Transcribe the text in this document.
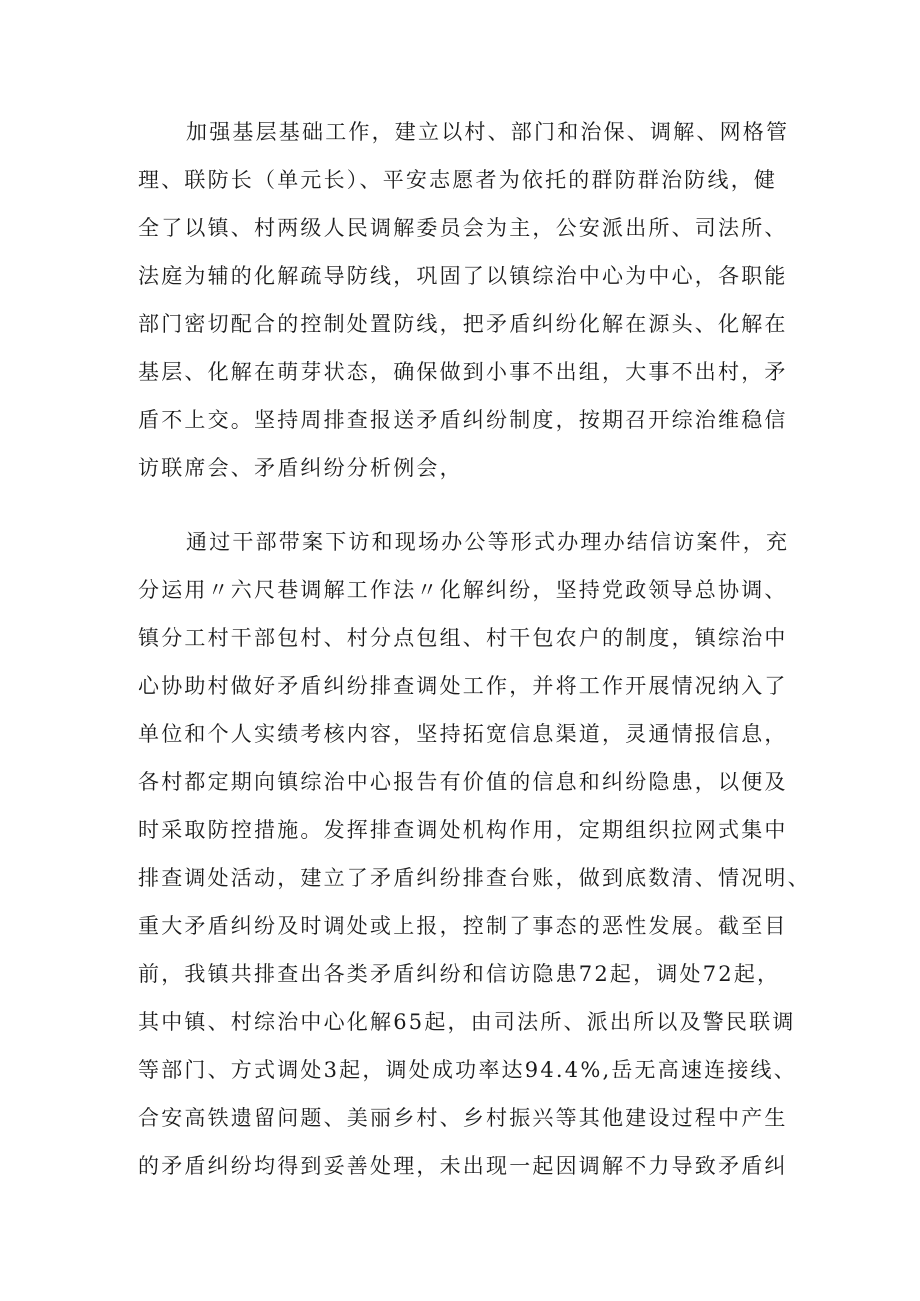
加强基层基础工作，建立以村、部门和治保、调解、网格管
理、联防长（单元长）、平安志愿者为依托的群防群治防线，健
全了以镇、村两级人民调解委员会为主，公安派出所、司法所、
法庭为辅的化解疏导防线，巩固了以镇综治中心为中心，各职能
部门密切配合的控制处置防线，把矛盾纠纷化解在源头、化解在
基层、化解在萌芽状态，确保做到小事不出组，大事不出村，矛
盾不上交。坚持周排查报送矛盾纠纷制度，按期召开综治维稳信
访联席会、矛盾纠纷分析例会，
通过干部带案下访和现场办公等形式办理办结信访案件，充
分运用〃六尺巷调解工作法〃化解纠纷，坚持党政领导总协调、
镇分工村干部包村、村分点包组、村干包农户的制度，镇综治中
心协助村做好矛盾纠纷排查调处工作，并将工作开展情况纳入了
单位和个人实绩考核内容，坚持拓宽信息渠道，灵通情报信息，
各村都定期向镇综治中心报告有价值的信息和纠纷隐患，以便及
时采取防控措施。发挥排查调处机构作用，定期组织拉网式集中
排查调处活动，建立了矛盾纠纷排查台账，做到底数清、情况明、
重大矛盾纠纷及时调处或上报，控制了事态的恶性发展。截至目
前，我镇共排查出各类矛盾纠纷和信访隐患72起，调处72起，
其中镇、村综治中心化解65起，由司法所、派出所以及警民联调
等部门、方式调处3起，调处成功率达94.4%,岳无高速连接线、
合安高铁遗留问题、美丽乡村、乡村振兴等其他建设过程中产生
的矛盾纠纷均得到妥善处理，未出现一起因调解不力导致矛盾纠
